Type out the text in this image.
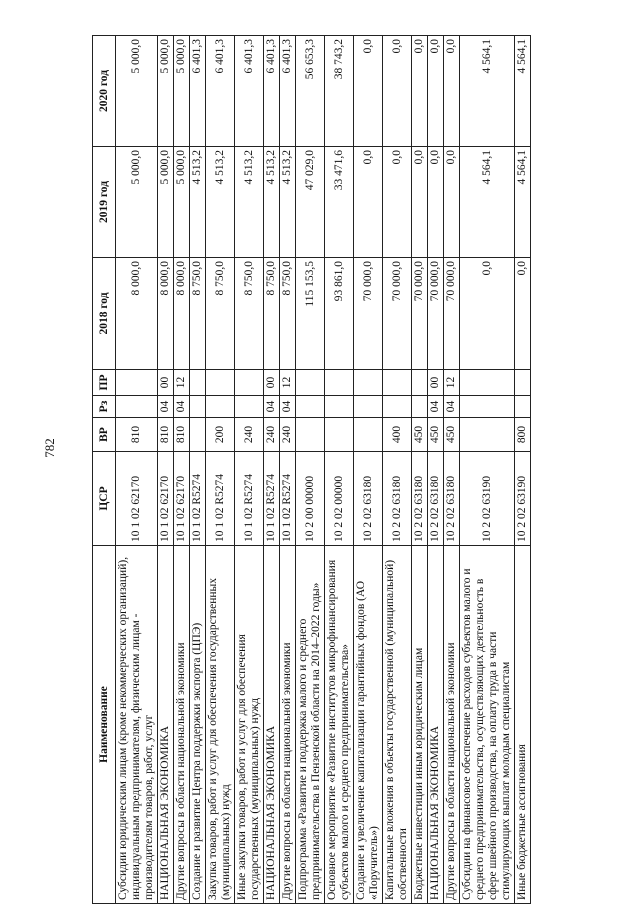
782
Наименование	ЦСР	ВР	Рз	ПР	2018 год	2019 год	2020 год
Субсидии юридическим лицам (кроме некоммерческих организаций), индивидуальным предпринимателям, физическим лицам - производителям товаров, работ, услуг	10 1 02 62170	810			8 000,0	5 000,0	5 000,0
НАЦИОНАЛЬНАЯ ЭКОНОМИКА	10 1 02 62170	810	04	00	8 000,0	5 000,0	5 000,0
Другие вопросы в области национальной экономики	10 1 02 62170	810	04	12	8 000,0	5 000,0	5 000,0
Создание и развитие Центра поддержки экспорта (ЦПЭ)	10 1 02 R5274				8 750,0	4 513,2	6 401,3
Закупка товаров, работ и услуг для обеспечения государственных (муниципальных) нужд	10 1 02 R5274	200			8 750,0	4 513,2	6 401,3
Иные закупки товаров, работ и услуг для обеспечения государственных (муниципальных) нужд	10 1 02 R5274	240			8 750,0	4 513,2	6 401,3
НАЦИОНАЛЬНАЯ ЭКОНОМИКА	10 1 02 R5274	240	04	00	8 750,0	4 513,2	6 401,3
Другие вопросы в области национальной экономики	10 1 02 R5274	240	04	12	8 750,0	4 513,2	6 401,3
Подпрограмма «Развитие и поддержка малого и среднего предпринимательства в Пензенской области на 2014–2022 годы»	10 2 00 00000				115 153,5	47 029,0	56 653,3
Основное мероприятие «Развитие институтов микрофинансирования субъектов малого и среднего предпринимательства»	10 2 02 00000				93 861,0	33 471,6	38 743,2
Создание и увеличение капитализации гарантийных фондов (АО «Поручитель»)	10 2 02 63180				70 000,0	0,0	0,0
Капитальные вложения в объекты государственной (муниципальной) собственности	10 2 02 63180	400			70 000,0	0,0	0,0
Бюджетные инвестиции иным юридическим лицам	10 2 02 63180	450			70 000,0	0,0	0,0
НАЦИОНАЛЬНАЯ ЭКОНОМИКА	10 2 02 63180	450	04	00	70 000,0	0,0	0,0
Другие вопросы в области национальной экономики	10 2 02 63180	450	04	12	70 000,0	0,0	0,0
Субсидии на финансовое обеспечение расходов субъектов малого и среднего предпринимательства, осуществляющих деятельность в сфере швейного производства, на оплату труда в части стимулирующих выплат молодым специалистам	10 2 02 63190				0,0	4 564,1	4 564,1
Иные бюджетные ассигнования	10 2 02 63190	800			0,0	4 564,1	4 564,1
